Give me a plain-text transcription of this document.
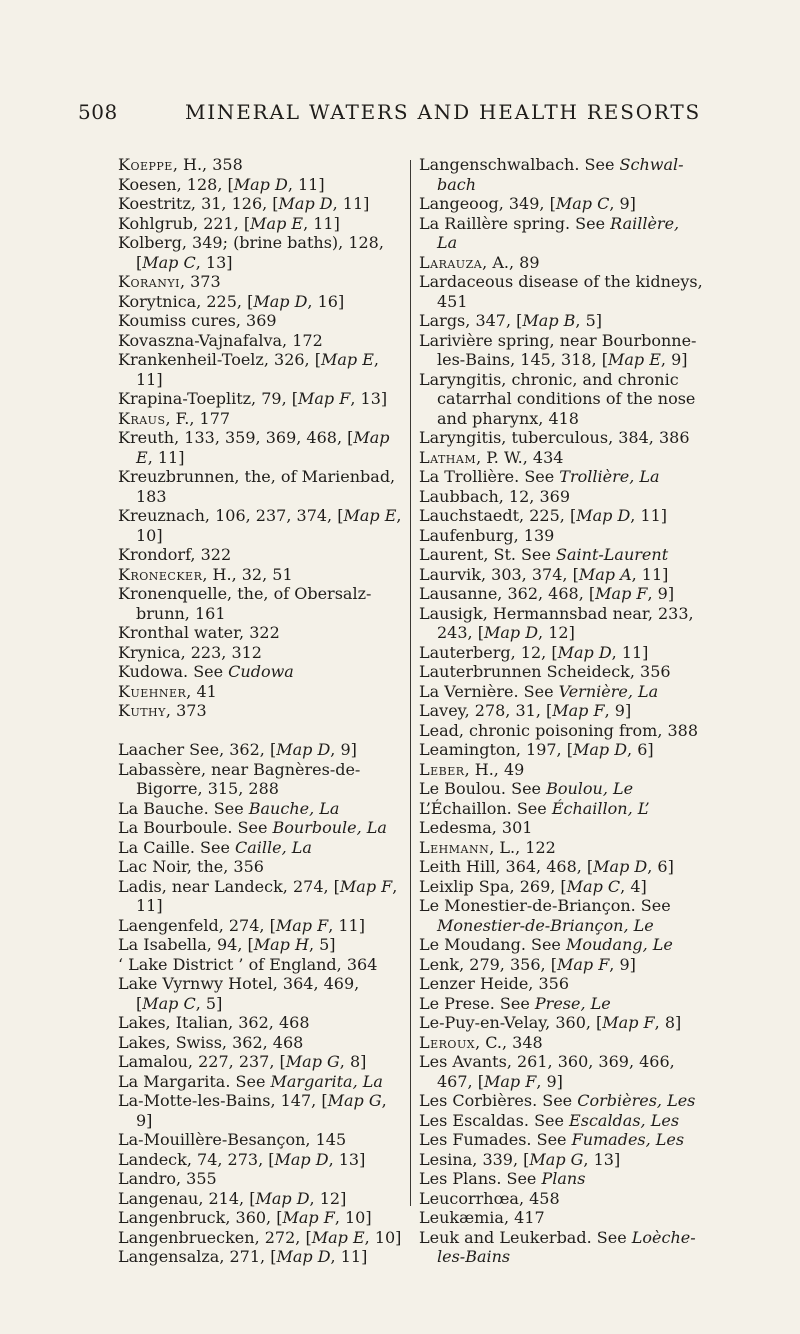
508	MINERAL WATERS AND HEALTH RESORTS
Koeppe, H., 358
Koesen, 128, [Map D, 11]
Koestritz, 31, 126, [Map D, 11]
Kohlgrub, 221, [Map E, 11]
Kolberg, 349; (brine baths), 128, [Map C, 13]
Koranyi, 373
Korytnica, 225, [Map D, 16]
Koumiss cures, 369
Kovaszna-Vajnafalva, 172
Krankenheil-Toelz, 326, [Map E, 11]
Krapina-Toeplitz, 79, [Map F, 13]
Kraus, F., 177
Kreuth, 133, 359, 369, 468, [Map E, 11]
Kreuzbrunnen, the, of Marienbad, 183
Kreuznach, 106, 237, 374, [Map E, 10]
Krondorf, 322
Kronecker, H., 32, 51
Kronenquelle, the, of Obersalz-brunn, 161
Kronthal water, 322
Krynica, 223, 312
Kudowa. See Cudowa
Kuehner, 41
Kuthy, 373
Laacher See, 362, [Map D, 9]
Labassère, near Bagnères-de-Bigorre, 315, 288
La Bauche. See Bauche, La
La Bourboule. See Bourboule, La
La Caille. See Caille, La
Lac Noir, the, 356
Ladis, near Landeck, 274, [Map F, 11]
Laengenfeld, 274, [Map F, 11]
La Isabella, 94, [Map H, 5]
‘ Lake District ’ of England, 364
Lake Vyrnwy Hotel, 364, 469, [Map C, 5]
Lakes, Italian, 362, 468
Lakes, Swiss, 362, 468
Lamalou, 227, 237, [Map G, 8]
La Margarita. See Margarita, La
La-Motte-les-Bains, 147, [Map G, 9]
La-Mouillère-Besançon, 145
Landeck, 74, 273, [Map D, 13]
Landro, 355
Langenau, 214, [Map D, 12]
Langenbruck, 360, [Map F, 10]
Langenbruecken, 272, [Map E, 10]
Langensalza, 271, [Map D, 11]
Langenschwalbach. See Schwal-bach
Langeoog, 349, [Map C, 9]
La Raillère spring. See Raillère, La
Larauza, A., 89
Lardaceous disease of the kidneys, 451
Largs, 347, [Map B, 5]
Larivière spring, near Bourbonne-les-Bains, 145, 318, [Map E, 9]
Laryngitis, chronic, and chronic catarrhal conditions of the nose and pharynx, 418
Laryngitis, tuberculous, 384, 386
Latham, P. W., 434
La Trollière. See Trollière, La
Laubbach, 12, 369
Lauchstaedt, 225, [Map D, 11]
Laufenburg, 139
Laurent, St. See Saint-Laurent
Laurvik, 303, 374, [Map A, 11]
Lausanne, 362, 468, [Map F, 9]
Lausigk, Hermannsbad near, 233, 243, [Map D, 12]
Lauterberg, 12, [Map D, 11]
Lauterbrunnen Scheideck, 356
La Vernière. See Vernière, La
Lavey, 278, 31, [Map F, 9]
Lead, chronic poisoning from, 388
Leamington, 197, [Map D, 6]
Leber, H., 49
Le Boulou. See Boulou, Le
L’Échaillon. See Échaillon, L’
Ledesma, 301
Lehmann, L., 122
Leith Hill, 364, 468, [Map D, 6]
Leixlip Spa, 269, [Map C, 4]
Le Monestier-de-Briançon. See Monestier-de-Briançon, Le
Le Moudang. See Moudang, Le
Lenk, 279, 356, [Map F, 9]
Lenzer Heide, 356
Le Prese. See Prese, Le
Le-Puy-en-Velay, 360, [Map F, 8]
Leroux, C., 348
Les Avants, 261, 360, 369, 466, 467, [Map F, 9]
Les Corbières. See Corbières, Les
Les Escaldas. See Escaldas, Les
Les Fumades. See Fumades, Les
Lesina, 339, [Map G, 13]
Les Plans. See Plans
Leucorrhœa, 458
Leukæmia, 417
Leuk and Leukerbad. See Loèche-les-Bains
